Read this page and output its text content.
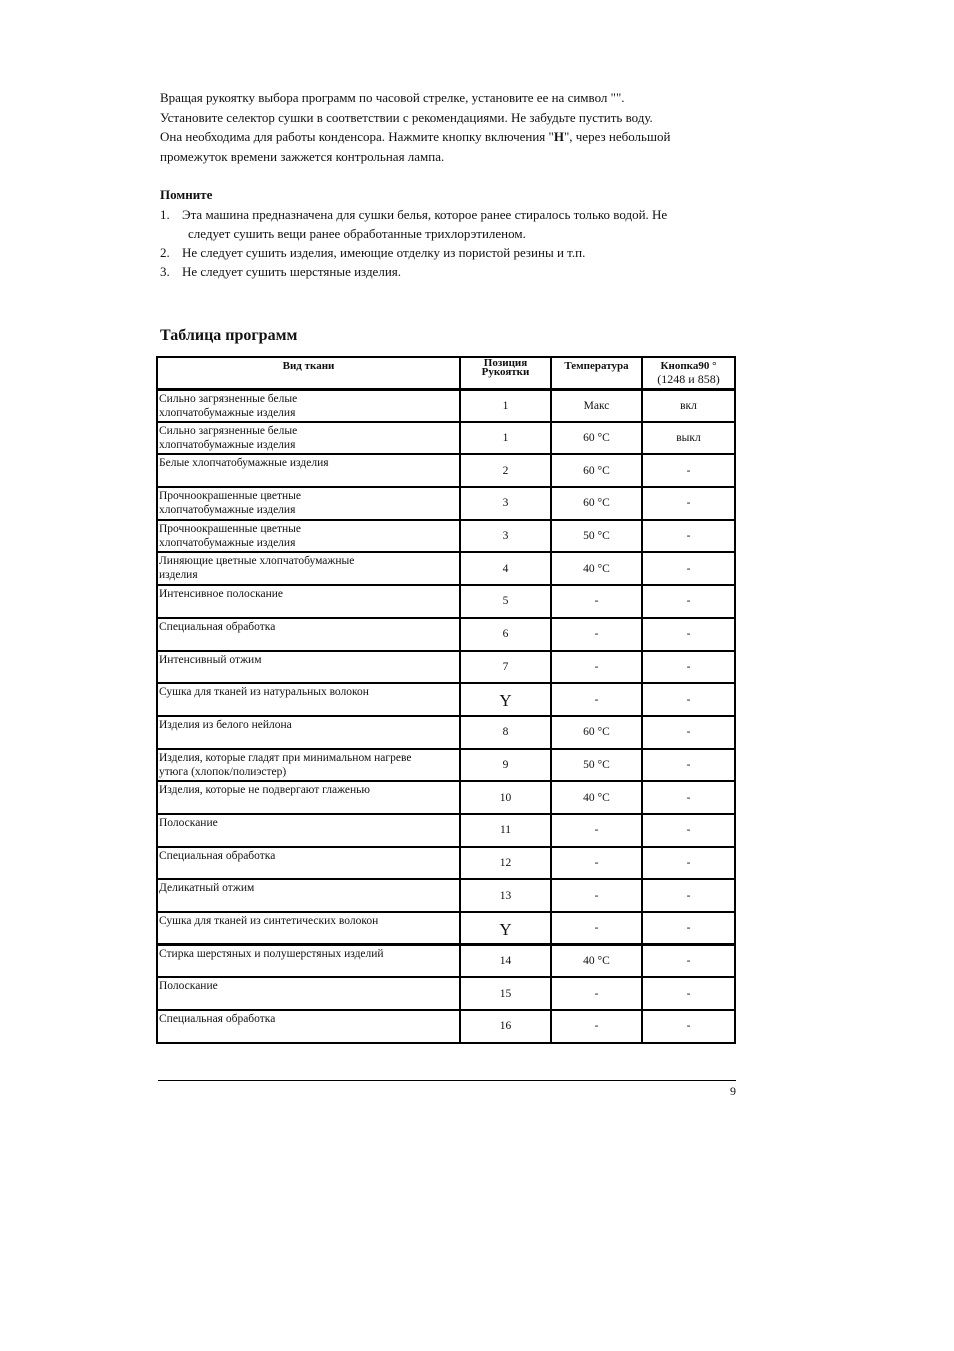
Вращая рукоятку выбора программ по часовой стрелке, установите ее на символ "".

Установите селектор сушки в соответствии с рекомендациями. Не забудьте пустить воду.

Она необходима для работы конденсора. Нажмите кнопку включения "H", через небольшой

промежуток времени зажжется контрольная лампа.

Помните

1. Эта машина предназначена для сушки белья, которое ранее стиралось только водой. Не
следует сушить вещи ранее обработанные трихлорэтиленом.
2. Не следует сушить изделия, имеющие отделку из пористой резины и т.п.
3. Не следует сушить шерстяные изделия.
Таблица программ
Вид ткани	Позиция
Рукоятки	Температура	Кнопка90 °
(1248 и 858)

Сильно загрязненные белые
хлопчатобумажные изделия	1	Макс	вкл
Сильно загрязненные белые
хлопчатобумажные изделия	1	60 °С	выкл
Белые хлопчатобумажные изделия	2	60 °С	-
Прочноокрашенные цветные
хлопчатобумажные изделия	3	60 °С	-
Прочноокрашенные цветные
хлопчатобумажные изделия	3	50 °С	-
Линяющие цветные хлопчатобумажные
изделия	4	40 °С	-
Интенсивное полоскание	5	-	-
Специальная обработка	6	-	-
Интенсивный отжим	7	-	-
Сушка для тканей из натуральных волокон	Y	-	-
Изделия из белого нейлона	8	60 °С	-
Изделия, которые гладят при минимальном нагреве
утюга (хлопок/полиэстер)	9	50 °С	-
Изделия, которые не подвергают глаженью	10	40 °С	-
Полоскание	11	-	-
Специальная обработка	12	-	-
Деликатный отжим	13	-	-
Сушка для тканей из синтетических волокон	Y	-	-
Стирка шерстяных и полушерстяных изделий	14	40 °С	-
Полоскание	15	-	-
Специальная обработка	16	-	-
9
